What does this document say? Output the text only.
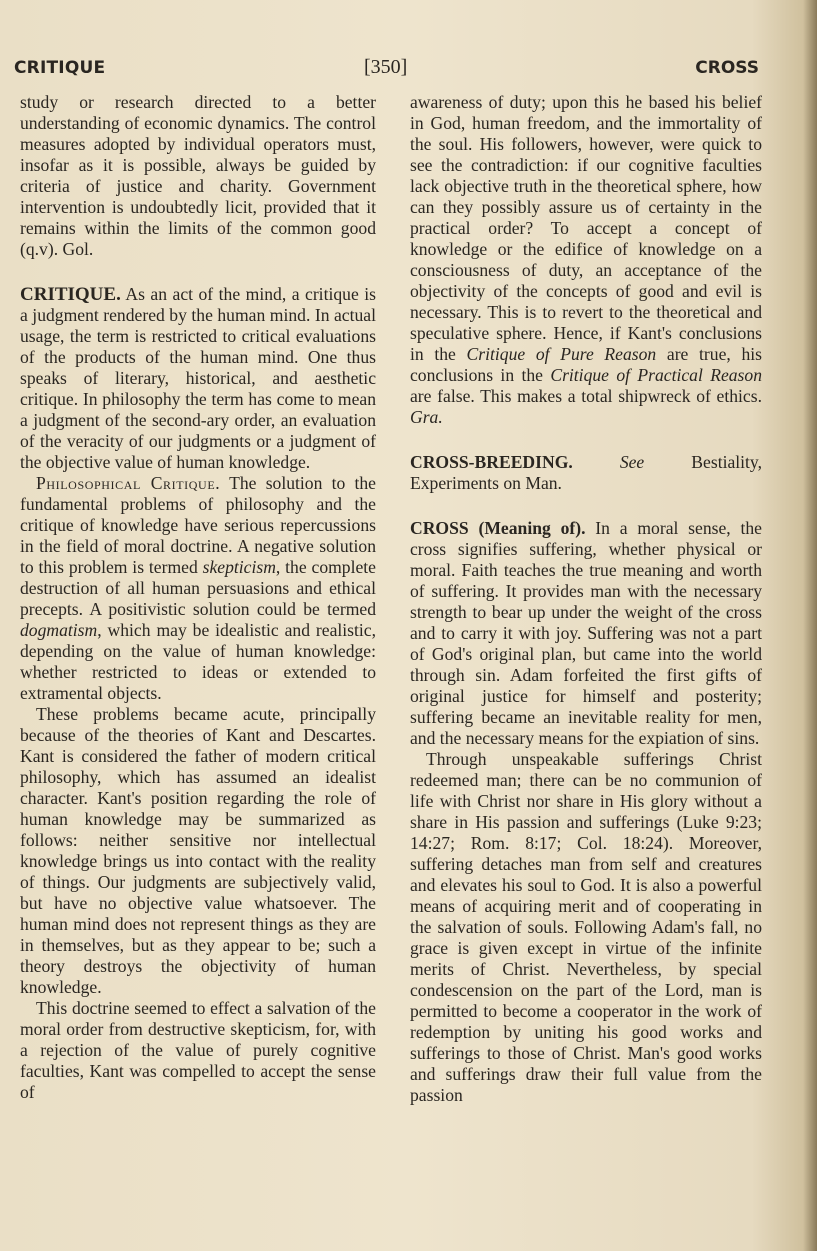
CRITIQUE	[350]	CROSS

study or research directed to a better understanding of economic dynamics. The control measures adopted by individual operators must, insofar as it is possible, always be guided by criteria of justice and charity. Government intervention is undoubtedly licit, provided that it remains within the limits of the common good (q.v). Gol.

CRITIQUE. As an act of the mind, a critique is a judgment rendered by the human mind. In actual usage, the term is restricted to critical evaluations of the products of the human mind. One thus speaks of literary, historical, and aesthetic critique. In philosophy the term has come to mean a judgment of the second-ary order, an evaluation of the veracity of our judgments or a judgment of the objective value of human knowledge.

Philosophical Critique. The solution to the fundamental problems of philosophy and the critique of knowledge have serious repercussions in the field of moral doctrine. A negative solution to this problem is termed skepticism, the complete destruction of all human persuasions and ethical precepts. A positivistic solution could be termed dogmatism, which may be idealistic and realistic, depending on the value of human knowledge: whether restricted to ideas or extended to extramental objects.

These problems became acute, principally because of the theories of Kant and Descartes. Kant is considered the father of modern critical philosophy, which has assumed an idealist character. Kant's position regarding the role of human knowledge may be summarized as follows: neither sensitive nor intellectual knowledge brings us into contact with the reality of things. Our judgments are subjectively valid, but have no objective value whatsoever. The human mind does not represent things as they are in themselves, but as they appear to be; such a theory destroys the objectivity of human knowledge.

This doctrine seemed to effect a salvation of the moral order from destructive skepticism, for, with a rejection of the value of purely cognitive faculties, Kant was compelled to accept the sense of

awareness of duty; upon this he based his belief in God, human freedom, and the immortality of the soul. His followers, however, were quick to see the contradiction: if our cognitive faculties lack objective truth in the theoretical sphere, how can they possibly assure us of certainty in the practical order? To accept a concept of knowledge or the edifice of knowledge on a consciousness of duty, an acceptance of the objectivity of the concepts of good and evil is necessary. This is to revert to the theoretical and speculative sphere. Hence, if Kant's conclusions in the Critique of Pure Reason are true, his conclusions in the Critique of Practical Reason are false. This makes a total shipwreck of ethics. Gra.

CROSS-BREEDING.	See	Bestiality, Experiments on Man.

CROSS (Meaning of). In a moral sense, the cross signifies suffering, whether physical or moral. Faith teaches the true meaning and worth of suffering. It provides man with the necessary strength to bear up under the weight of the cross and to carry it with joy. Suffering was not a part of God's original plan, but came into the world through sin. Adam forfeited the first gifts of original justice for himself and posterity; suffering became an inevitable reality for men, and the necessary means for the expiation of sins.

Through unspeakable sufferings Christ redeemed man; there can be no communion of life with Christ nor share in His glory without a share in His passion and sufferings (Luke 9:23; 14:27; Rom. 8:17; Col. 18:24). Moreover, suffering detaches man from self and creatures and elevates his soul to God. It is also a powerful means of acquiring merit and of cooperating in the salvation of souls. Following Adam's fall, no grace is given except in virtue of the infinite merits of Christ. Nevertheless, by special condescension on the part of the Lord, man is permitted to become a cooperator in the work of redemption by uniting his good works and sufferings to those of Christ. Man's good works and sufferings draw their full value from the passion
